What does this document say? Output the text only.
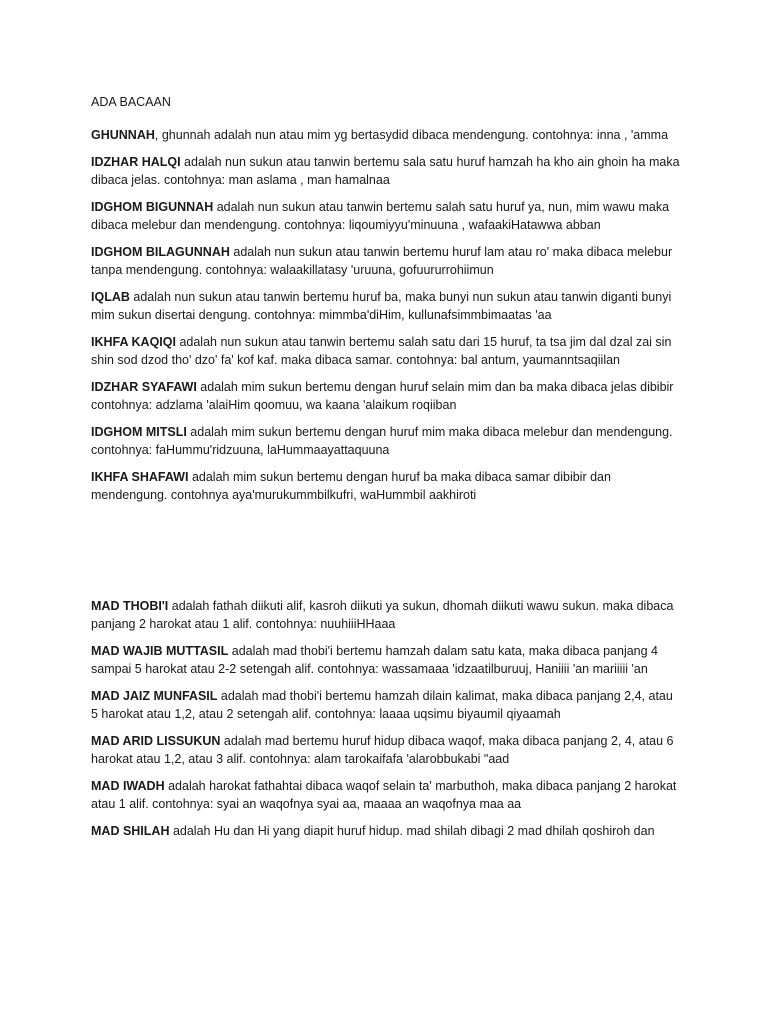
ADA BACAAN

GHUNNAH, ghunnah adalah nun atau mim yg bertasydid dibaca mendengung. contohnya: inna , 'amma

IDZHAR HALQI adalah nun sukun atau tanwin bertemu sala satu huruf hamzah ha kho ain ghoin ha maka dibaca jelas. contohnya: man aslama , man hamalnaa

IDGHOM BIGUNNAH adalah nun sukun atau tanwin bertemu salah satu huruf ya, nun, mim wawu maka dibaca melebur dan mendengung. contohnya: liqoumiyyu'minuuna , wafaakiHatawwa abban

IDGHOM BILAGUNNAH adalah nun sukun atau tanwin bertemu huruf lam atau ro' maka dibaca melebur tanpa mendengung. contohnya: walaakillatasy 'uruuna, gofuururrohiimun

IQLAB adalah nun sukun atau tanwin bertemu huruf ba, maka bunyi nun sukun atau tanwin diganti bunyi mim sukun disertai dengung. contohnya: mimmba'diHim, kullunafsimmbimaatas 'aa

IKHFA KAQIQI adalah nun sukun atau tanwin bertemu salah satu dari 15 huruf, ta tsa jim dal dzal zai sin shin sod dzod tho' dzo' fa' kof kaf. maka dibaca samar. contohnya: bal antum, yaumanntsaqiilan

IDZHAR SYAFAWI adalah mim sukun bertemu dengan huruf selain mim dan ba maka dibaca jelas dibibir contohnya: adzlama 'alaiHim qoomuu, wa kaana 'alaikum roqiiban

IDGHOM MITSLI adalah mim sukun bertemu dengan huruf mim maka dibaca melebur dan mendengung. contohnya: faHummu'ridzuuna, laHummaayattaquuna

IKHFA SHAFAWI adalah mim sukun bertemu dengan huruf ba maka dibaca samar dibibir dan mendengung. contohnya aya'murukummbilkufri, waHummbil aakhiroti

MAD THOBI'I adalah fathah diikuti alif, kasroh diikuti ya sukun, dhomah diikuti wawu sukun. maka dibaca panjang 2 harokat atau 1 alif. contohnya: nuuhiiiHHaaa

MAD WAJIB MUTTASIL adalah mad thobi'i bertemu hamzah dalam satu kata, maka dibaca panjang 4 sampai 5 harokat atau 2-2 setengah alif. contohnya: wassamaaa 'idzaatilburuuj, Haniiii 'an mariiiii 'an

MAD JAIZ MUNFASIL adalah mad thobi'i bertemu hamzah dilain kalimat, maka dibaca panjang 2,4, atau 5 harokat atau 1,2, atau 2 setengah alif. contohnya: laaaa uqsimu biyaumil qiyaamah

MAD ARID LISSUKUN adalah mad bertemu huruf hidup dibaca waqof, maka dibaca panjang 2, 4, atau 6 harokat atau 1,2, atau 3 alif. contohnya: alam tarokaifafa 'alarobbukabi "aad

MAD IWADH adalah harokat fathahtai dibaca waqof selain ta' marbuthoh, maka dibaca panjang 2 harokat atau 1 alif. contohnya: syai an waqofnya syai aa, maaaa an waqofnya maa aa

MAD SHILAH adalah Hu dan Hi yang diapit huruf hidup. mad shilah dibagi 2 mad dhilah qoshiroh dan
